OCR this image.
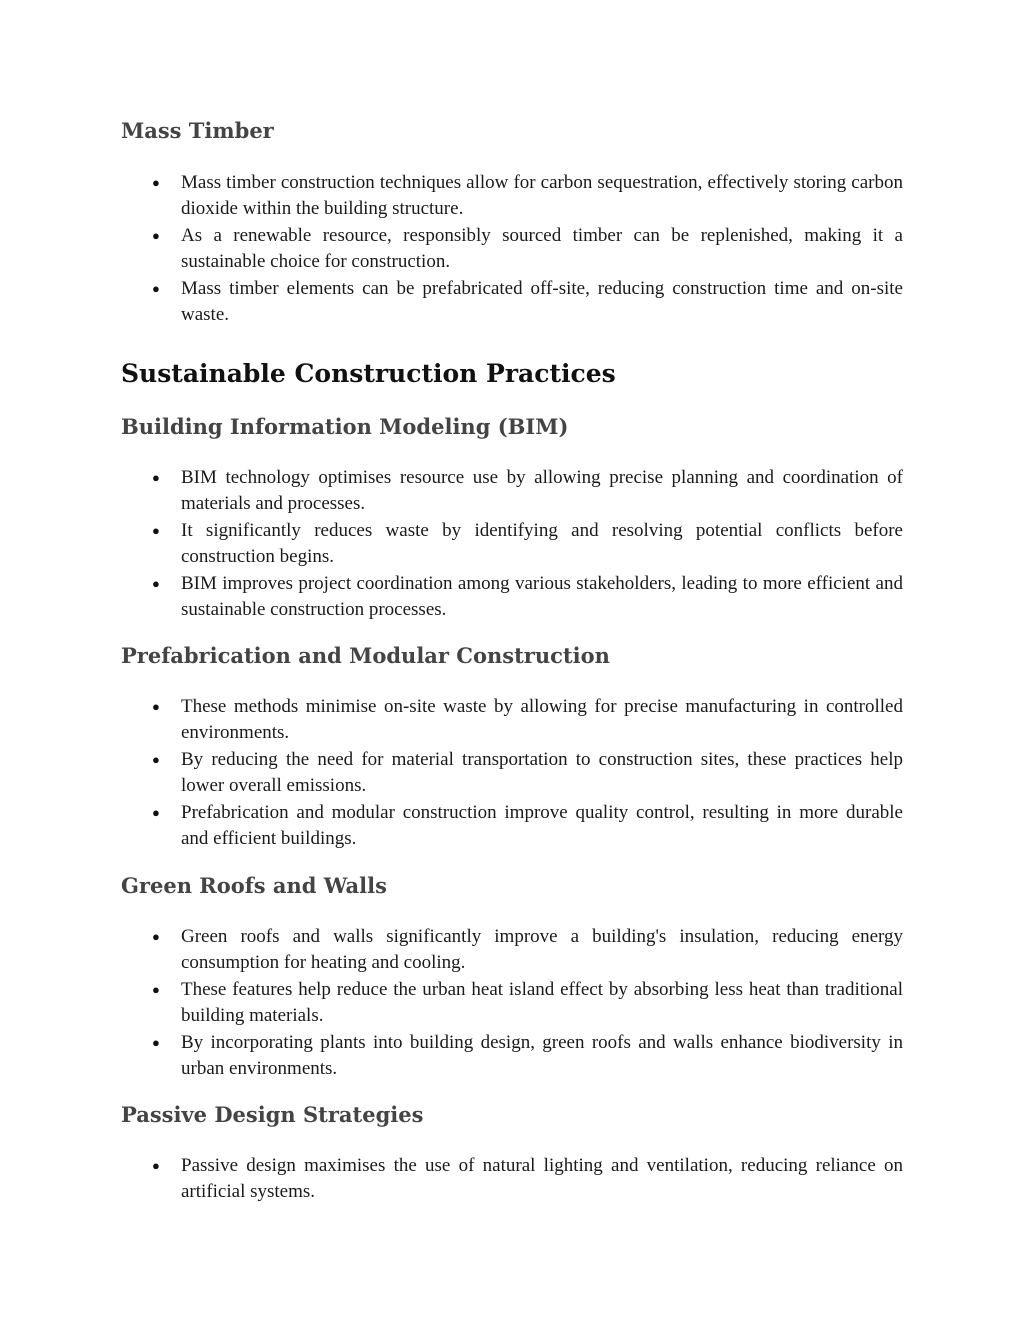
Mass Timber
● Mass timber construction techniques allow for carbon sequestration, effectively storing carbon dioxide within the building structure.
● As a renewable resource, responsibly sourced timber can be replenished, making it a sustainable choice for construction.
● Mass timber elements can be prefabricated off-site, reducing construction time and on-site waste.
Sustainable Construction Practices
Building Information Modeling (BIM)
● BIM technology optimises resource use by allowing precise planning and coordination of materials and processes.
● It significantly reduces waste by identifying and resolving potential conflicts before construction begins.
● BIM improves project coordination among various stakeholders, leading to more efficient and sustainable construction processes.
Prefabrication and Modular Construction
● These methods minimise on-site waste by allowing for precise manufacturing in controlled environments.
● By reducing the need for material transportation to construction sites, these practices help lower overall emissions.
● Prefabrication and modular construction improve quality control, resulting in more durable and efficient buildings.
Green Roofs and Walls
● Green roofs and walls significantly improve a building's insulation, reducing energy consumption for heating and cooling.
● These features help reduce the urban heat island effect by absorbing less heat than traditional building materials.
● By incorporating plants into building design, green roofs and walls enhance biodiversity in urban environments.
Passive Design Strategies
● Passive design maximises the use of natural lighting and ventilation, reducing reliance on artificial systems.
